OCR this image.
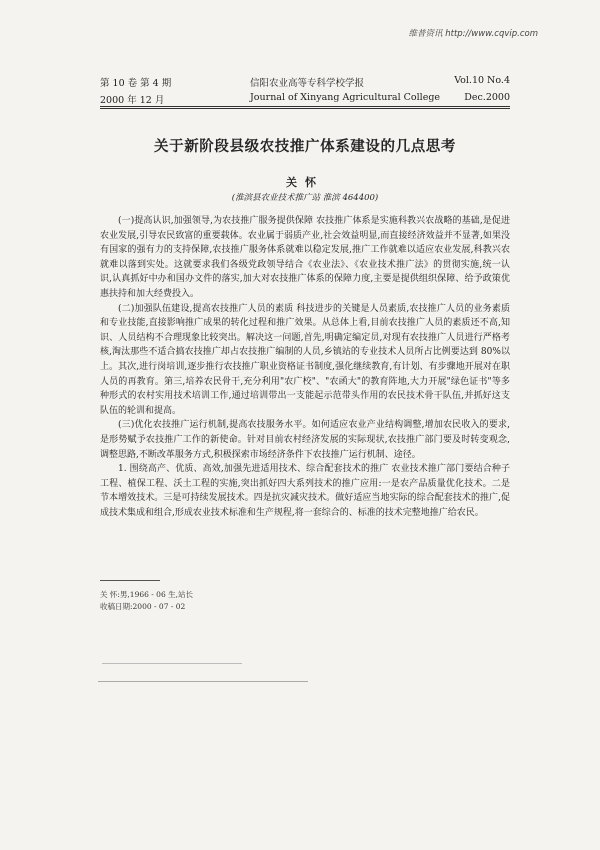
维普资讯 http://www.cqvip.com
第 10 卷 第 4 期	信阳农业高等专科学校学报	Vol.10 No.4
2000 年 12 月	Journal of Xinyang Agricultural College	Dec.2000
关于新阶段县级农技推广体系建设的几点思考
关怀
(淮滨县农业技术推广站 淮滨 464400)

(一)提高认识,加强领导,为农技推广服务提供保障 农技推广体系是实施科教兴农战略的基础,是促进农业发展,引导农民致富的重要载体。农业属于弱质产业,社会效益明显,而直接经济效益并不显著,如果没有国家的强有力的支持保障,农技推广服务体系就难以稳定发展,推广工作就难以适应农业发展,科教兴农就难以落到实处。这就要求我们各级党政领导结合《农业法》、《农业技术推广法》的贯彻实施,统一认识,认真抓好中办和国办文件的落实,加大对农技推广体系的保障力度,主要是提供组织保障、给予政策优惠扶持和加大经费投入。

(二)加强队伍建设,提高农技推广人员的素质 科技进步的关键是人员素质,农技推广人员的业务素质和专业技能,直接影响推广成果的转化过程和推广效果。从总体上看,目前农技推广人员的素质还不高,知识、人员结构不合理现象比较突出。解决这一问题,首先,明确定编定员,对现有农技推广人员进行严格考核,淘汰那些不适合搞农技推广却占农技推广编制的人员,乡镇站的专业技术人员所占比例要达到 80%以上。其次,进行岗培训,逐步推行农技推广职业资格证书制度,强化继续教育,有计划、有步骤地开展对在职人员的再教育。第三,培养农民骨干,充分利用"农广校"、"农函大"的教育阵地,大力开展"绿色证书"等多种形式的农村实用技术培训工作,通过培训带出一支能起示范带头作用的农民技术骨干队伍,并抓好这支队伍的轮训和提高。

(三)优化农技推广运行机制,提高农技服务水平。如何适应农业产业结构调整,增加农民收入的要求,是形势赋予农技推广工作的新使命。针对目前农村经济发展的实际现状,农技推广部门要及时转变观念,调整思路,不断改革服务方式,积极探索市场经济条件下农技推广运行机制、途径。

1. 围绕高产、优质、高效,加强先进适用技术、综合配套技术的推广 农业技术推广部门要结合种子工程、植保工程、沃土工程的实施,突出抓好四大系列技术的推广应用:一是农产品质量优化技术。二是节本增效技术。三是可持续发展技术。四是抗灾减灾技术。做好适应当地实际的综合配套技术的推广,促成技术集成和组合,形成农业技术标准和生产规程,将一套综合的、标准的技术完整地推广给农民。

关 怀:男,1966 - 06 生,站长
收稿日期:2000 - 07 - 02
